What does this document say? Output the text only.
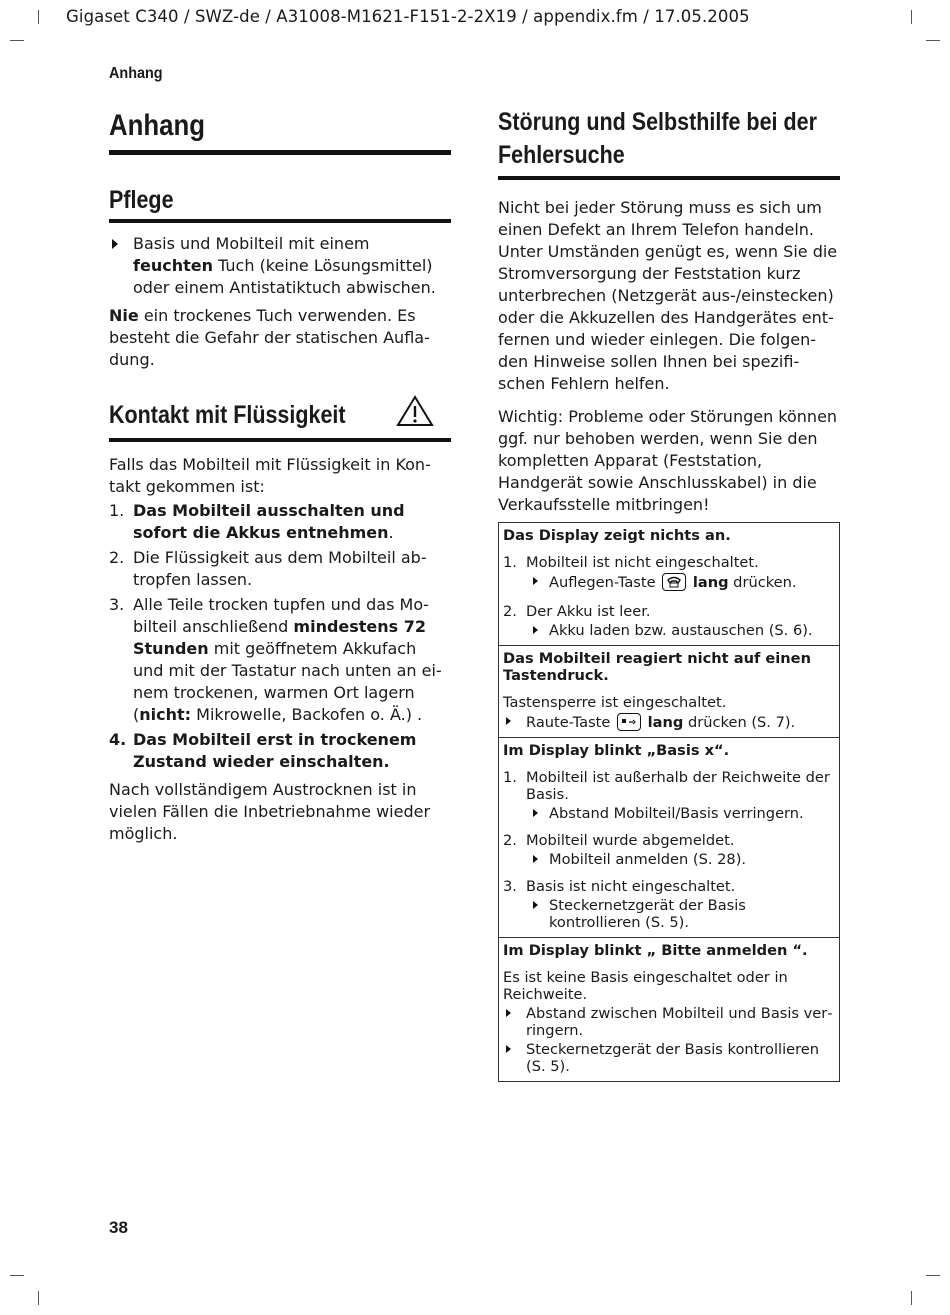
Gigaset C340 / SWZ-de / A31008-M1621-F151-2-2X19 / appendix.fm / 17.05.2005
Anhang
Anhang
Pflege
Basis und Mobilteil mit einem feuchten Tuch (keine Lösungsmittel) oder einem Antistatiktuch abwischen.
Nie ein trockenes Tuch verwenden. Es besteht die Gefahr der statischen Aufladung.
Kontakt mit Flüssigkeit
Falls das Mobilteil mit Flüssigkeit in Kontakt gekommen ist:
1. Das Mobilteil ausschalten und sofort die Akkus entnehmen.
2. Die Flüssigkeit aus dem Mobilteil abtropfen lassen.
3. Alle Teile trocken tupfen und das Mobilteil anschließend mindestens 72 Stunden mit geöffnetem Akkufach und mit der Tastatur nach unten an einem trockenen, warmen Ort lagern (nicht: Mikrowelle, Backofen o. Ä.) .
4. Das Mobilteil erst in trockenem Zustand wieder einschalten.
Nach vollständigem Austrocknen ist in vielen Fällen die Inbetriebnahme wieder möglich.
Störung und Selbsthilfe bei der
Fehlersuche
Nicht bei jeder Störung muss es sich um einen Defekt an Ihrem Telefon handeln. Unter Umständen genügt es, wenn Sie die Stromversorgung der Feststation kurz unterbrechen (Netzgerät aus-/einstecken) oder die Akkuzellen des Handgerätes entfernen und wieder einlegen. Die folgenden Hinweise sollen Ihnen bei spezifischen Fehlern helfen.
Wichtig: Probleme oder Störungen können ggf. nur behoben werden, wenn Sie den kompletten Apparat (Feststation, Handgerät sowie Anschlusskabel) in die Verkaufsstelle mitbringen!
Das Display zeigt nichts an.
1. Mobilteil ist nicht eingeschaltet.
Auflegen-Taste	lang drücken.
2. Der Akku ist leer.
Akku laden bzw. austauschen (S. 6).
Das Mobilteil reagiert nicht auf einen Tastendruck.
Tastensperre ist eingeschaltet.
Raute-Taste	lang drücken (S. 7).
Im Display blinkt „Basis x“.
1. Mobilteil ist außerhalb der Reichweite der Basis.
Abstand Mobilteil/Basis verringern.
2. Mobilteil wurde abgemeldet.
Mobilteil anmelden (S. 28).
3. Basis ist nicht eingeschaltet.
Steckernetzgerät der Basis kontrollieren (S. 5).
Im Display blinkt „ Bitte anmelden “.
Es ist keine Basis eingeschaltet oder in Reichweite.
Abstand zwischen Mobilteil und Basis verringern.
Steckernetzgerät der Basis kontrollieren (S. 5).
38
